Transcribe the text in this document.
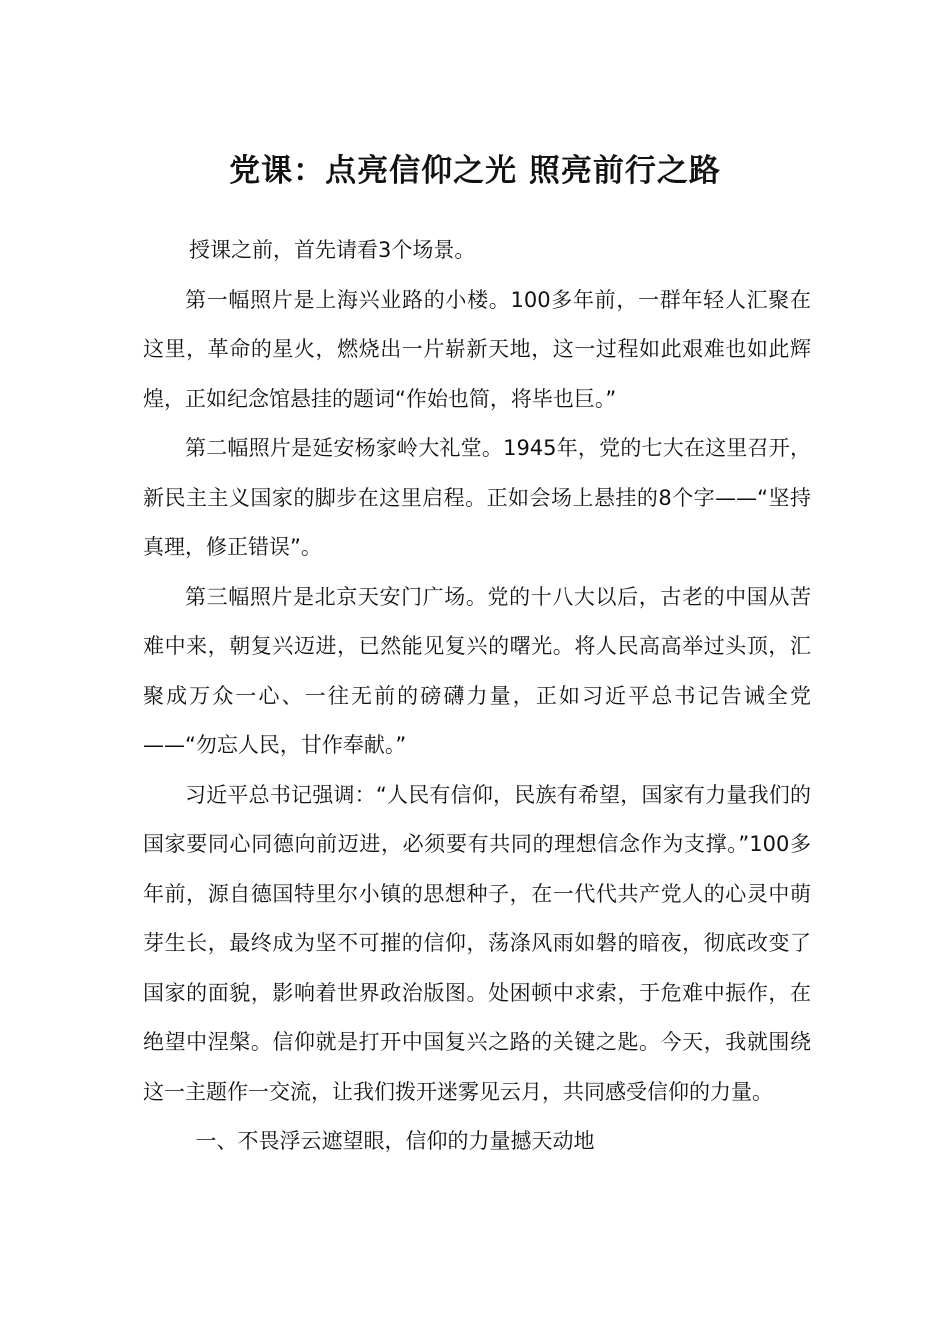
党课：点亮信仰之光 照亮前行之路

授课之前，首先请看3个场景。

第一幅照片是上海兴业路的小楼。100多年前，一群年轻人汇聚在这里，革命的星火，燃烧出一片崭新天地，这一过程如此艰难也如此辉煌，正如纪念馆悬挂的题词“作始也简，将毕也巨。”

第二幅照片是延安杨家岭大礼堂。1945年，党的七大在这里召开，新民主主义国家的脚步在这里启程。正如会场上悬挂的8个字——“坚持真理，修正错误”。

第三幅照片是北京天安门广场。党的十八大以后，古老的中国从苦难中来，朝复兴迈进，已然能见复兴的曙光。将人民高高举过头顶，汇聚成万众一心、一往无前的磅礴力量，正如习近平总书记告诫全党——“勿忘人民，甘作奉献。”

习近平总书记强调：“人民有信仰，民族有希望，国家有力量我们的国家要同心同德向前迈进，必须要有共同的理想信念作为支撑。”100多年前，源自德国特里尔小镇的思想种子，在一代代共产党人的心灵中萌芽生长，最终成为坚不可摧的信仰，荡涤风雨如磐的暗夜，彻底改变了国家的面貌，影响着世界政治版图。处困顿中求索，于危难中振作，在绝望中涅槃。信仰就是打开中国复兴之路的关键之匙。今天，我就围绕这一主题作一交流，让我们拨开迷雾见云月，共同感受信仰的力量。

一、不畏浮云遮望眼，信仰的力量撼天动地
